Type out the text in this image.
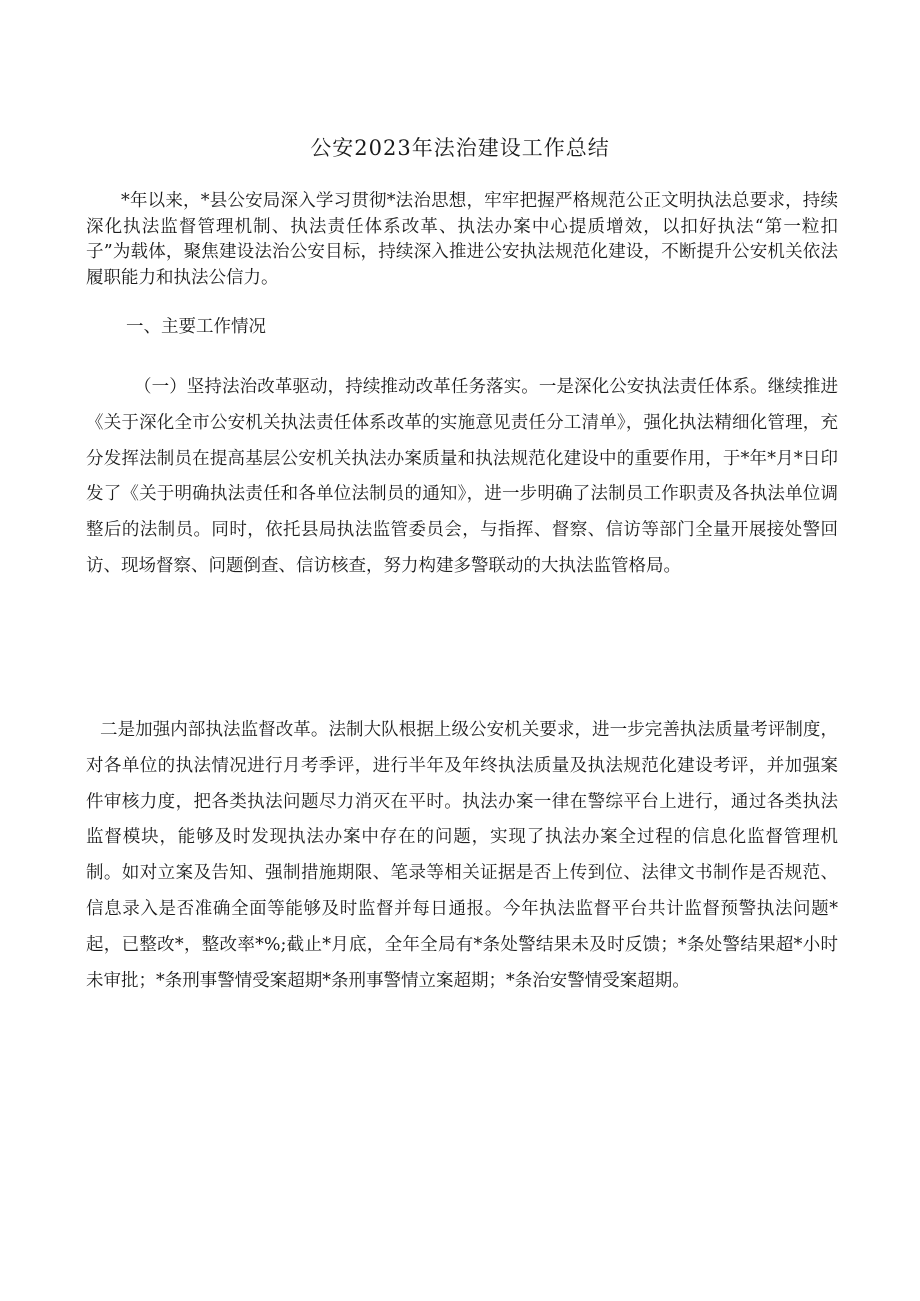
公安2023年法治建设工作总结

*年以来，*县公安局深入学习贯彻*法治思想，牢牢把握严格规范公正文明执法总要求，持续深化执法监督管理机制、执法责任体系改革、执法办案中心提质增效，以扣好执法“第一粒扣子”为载体，聚焦建设法治公安目标，持续深入推进公安执法规范化建设，不断提升公安机关依法履职能力和执法公信力。

一、主要工作情况

（一）坚持法治改革驱动，持续推动改革任务落实。一是深化公安执法责任体系。继续推进《关于深化全市公安机关执法责任体系改革的实施意见责任分工清单》，强化执法精细化管理，充分发挥法制员在提高基层公安机关执法办案质量和执法规范化建设中的重要作用，于*年*月*日印发了《关于明确执法责任和各单位法制员的通知》，进一步明确了法制员工作职责及各执法单位调整后的法制员。同时，依托县局执法监管委员会，与指挥、督察、信访等部门全量开展接处警回访、现场督察、问题倒查、信访核查，努力构建多警联动的大执法监管格局。

二是加强内部执法监督改革。法制大队根据上级公安机关要求，进一步完善执法质量考评制度，对各单位的执法情况进行月考季评，进行半年及年终执法质量及执法规范化建设考评，并加强案件审核力度，把各类执法问题尽力消灭在平时。执法办案一律在警综平台上进行，通过各类执法监督模块，能够及时发现执法办案中存在的问题，实现了执法办案全过程的信息化监督管理机制。如对立案及告知、强制措施期限、笔录等相关证据是否上传到位、法律文书制作是否规范、信息录入是否准确全面等能够及时监督并每日通报。今年执法监督平台共计监督预警执法问题*起，已整改*，整改率*%;截止*月底，全年全局有*条处警结果未及时反馈；*条处警结果超*小时未审批；*条刑事警情受案超期*条刑事警情立案超期；*条治安警情受案超期。
